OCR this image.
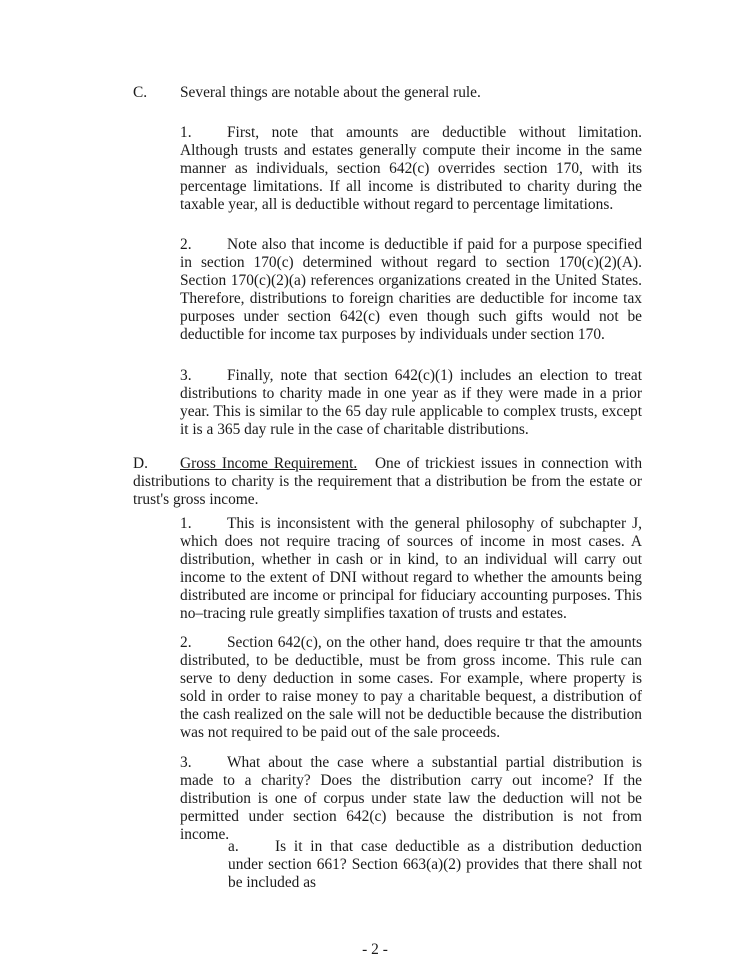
C. Several things are notable about the general rule.
1. First, note that amounts are deductible without limitation. Although trusts and estates generally compute their income in the same manner as individuals, section 642(c) overrides section 170, with its percentage limitations. If all income is distributed to charity during the taxable year, all is deductible without regard to percentage limitations.
2. Note also that income is deductible if paid for a purpose specified in section 170(c) determined without regard to section 170(c)(2)(A). Section 170(c)(2)(a) references organizations created in the United States. Therefore, distributions to foreign charities are deductible for income tax purposes under section 642(c) even though such gifts would not be deductible for income tax purposes by individuals under section 170.
3. Finally, note that section 642(c)(1) includes an election to treat distributions to charity made in one year as if they were made in a prior year. This is similar to the 65 day rule applicable to complex trusts, except it is a 365 day rule in the case of charitable distributions.
D. Gross Income Requirement. One of trickiest issues in connection with distributions to charity is the requirement that a distribution be from the estate or trust's gross income.
1. This is inconsistent with the general philosophy of subchapter J, which does not require tracing of sources of income in most cases. A distribution, whether in cash or in kind, to an individual will carry out income to the extent of DNI without regard to whether the amounts being distributed are income or principal for fiduciary accounting purposes. This no–tracing rule greatly simplifies taxation of trusts and estates.
2. Section 642(c), on the other hand, does require tr that the amounts distributed, to be deductible, must be from gross income. This rule can serve to deny deduction in some cases. For example, where property is sold in order to raise money to pay a charitable bequest, a distribution of the cash realized on the sale will not be deductible because the distribution was not required to be paid out of the sale proceeds.
3. What about the case where a substantial partial distribution is made to a charity? Does the distribution carry out income? If the distribution is one of corpus under state law the deduction will not be permitted under section 642(c) because the distribution is not from income.
a. Is it in that case deductible as a distribution deduction under section 661? Section 663(a)(2) provides that there shall not be included as
- 2 -
